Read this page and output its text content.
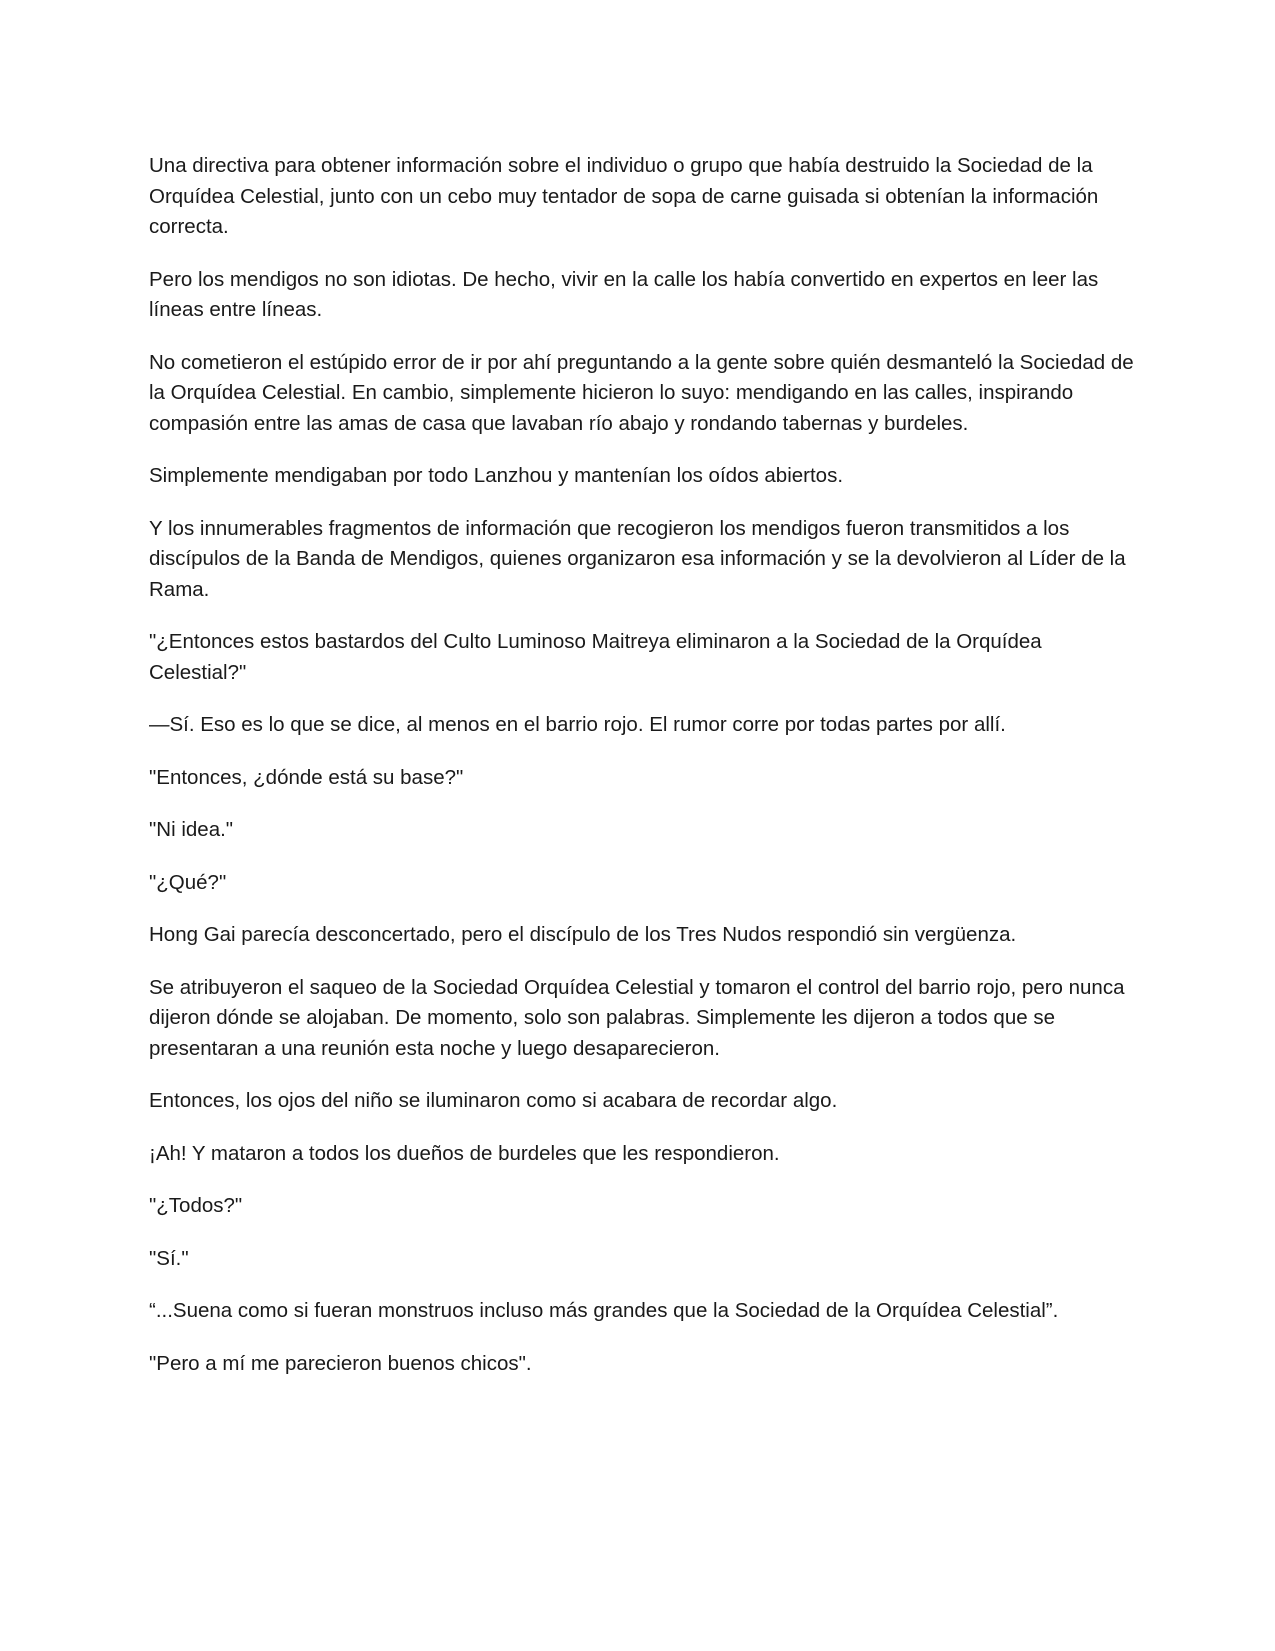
Una directiva para obtener información sobre el individuo o grupo que había destruido la Sociedad de la Orquídea Celestial, junto con un cebo muy tentador de sopa de carne guisada si obtenían la información correcta.

Pero los mendigos no son idiotas. De hecho, vivir en la calle los había convertido en expertos en leer las líneas entre líneas.

No cometieron el estúpido error de ir por ahí preguntando a la gente sobre quién desmanteló la Sociedad de la Orquídea Celestial. En cambio, simplemente hicieron lo suyo: mendigando en las calles, inspirando compasión entre las amas de casa que lavaban río abajo y rondando tabernas y burdeles.

Simplemente mendigaban por todo Lanzhou y mantenían los oídos abiertos.

Y los innumerables fragmentos de información que recogieron los mendigos fueron transmitidos a los discípulos de la Banda de Mendigos, quienes organizaron esa información y se la devolvieron al Líder de la Rama.

"¿Entonces estos bastardos del Culto Luminoso Maitreya eliminaron a la Sociedad de la Orquídea Celestial?"

—Sí. Eso es lo que se dice, al menos en el barrio rojo. El rumor corre por todas partes por allí.

"Entonces, ¿dónde está su base?"

"Ni idea."

"¿Qué?"

Hong Gai parecía desconcertado, pero el discípulo de los Tres Nudos respondió sin vergüenza.

Se atribuyeron el saqueo de la Sociedad Orquídea Celestial y tomaron el control del barrio rojo, pero nunca dijeron dónde se alojaban. De momento, solo son palabras. Simplemente les dijeron a todos que se presentaran a una reunión esta noche y luego desaparecieron.

Entonces, los ojos del niño se iluminaron como si acabara de recordar algo.

¡Ah! Y mataron a todos los dueños de burdeles que les respondieron.

"¿Todos?"

"Sí."

“...Suena como si fueran monstruos incluso más grandes que la Sociedad de la Orquídea Celestial”.

"Pero a mí me parecieron buenos chicos".
